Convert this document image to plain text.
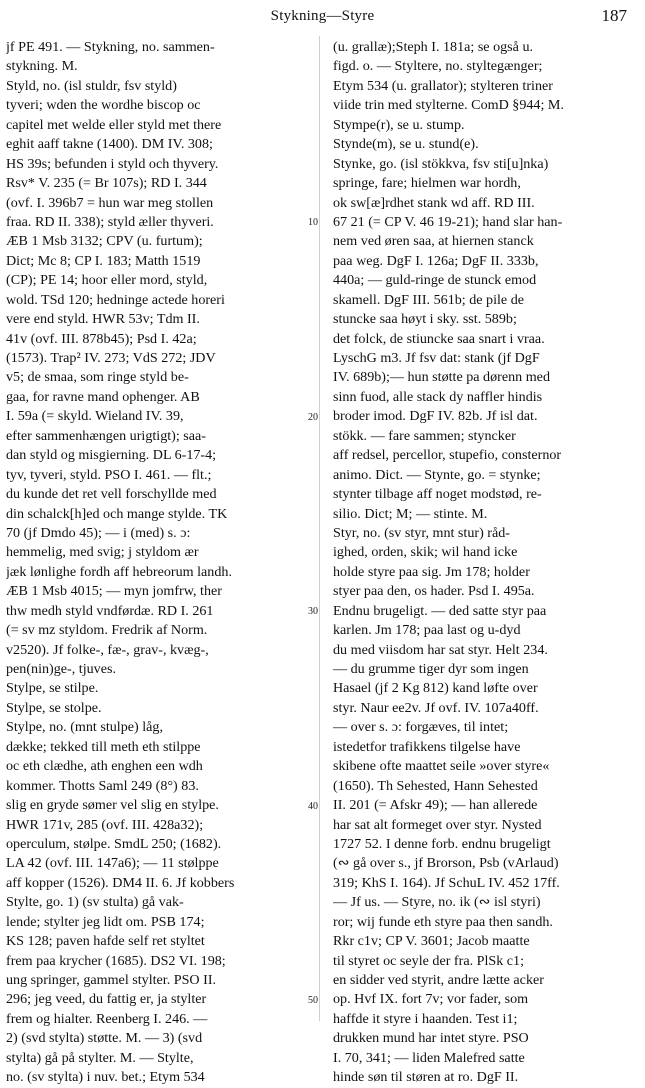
Stykning—Styre	187
jf PE 491. — Stykning, no. sammen-
stykning. M.
Styld, no. (isl stuldr, fsv styld)
tyveri; wden the wordhe biscop oc
capitel met welde eller styld met there
eghit aaff takne (1400). DM IV. 308;
HS 39s; befunden i styld och thyvery.
Rsv* V. 235 (= Br 107s); RD I. 344
(ovf. I. 396b7 = hun war meg stollen
fraa. RD II. 338); styld æller thyveri.
ÆB 1 Msb 3132; CPV (u. furtum);
Dict; Mc 8; CP I. 183; Matth 1519
(CP); PE 14; hoor eller mord, styld,
wold. TSd 120; hedninge actede horeri
vere end styld. HWR 53v; Tdm II.
41v (ovf. III. 878b45); Psd I. 42a;
(1573). Trap² IV. 273; VdS 272; JDV
v5; de smaa, som ringe styld be-
gaa, for ravne mand ophenger. AB
I. 59a (= skyld. Wieland IV. 39,
efter sammenhængen urigtigt); saa-
dan styld og misgierning. DL 6-17-4;
tyv, tyveri, styld. PSO I. 461. — flt.;
du kunde det ret vell forschyllde med
din schalck[h]ed och mange stylde. TK
70 (jf Dmdo 45); — i (med) s. ɔ:
hemmelig, med svig; j styldom ær
jæk lønlighe fordh aff hebreorum landh.
ÆB 1 Msb 4015; — myn jomfrw, ther
thw medh styld vndførdæ. RD I. 261
(= sv mz styldom. Fredrik af Norm.
v2520). Jf folke-, fæ-, grav-, kvæg-,
pen(nin)ge-, tjuves.
Stylpe, se stilpe.
Stylpe, se stolpe.
Stylpe, no. (mnt stulpe) låg,
dække; tekked till meth eth stilppe
oc eth clædhe, ath enghen een wdh
kommer. Thotts Saml 249 (8°) 83.
slig en gryde sømer vel slig en stylpe.
HWR 171v, 285 (ovf. III. 428a32);
operculum, stølpe. SmdL 250; (1682).
LA 42 (ovf. III. 147a6); — 11 stølppe
aff kopper (1526). DM4 II. 6. Jf kobbers
Stylte, go. 1) (sv stulta) gå vak-
lende; stylter jeg lidt om. PSB 174;
KS 128; paven hafde self ret styltet
frem paa krycher (1685). DS2 VI. 198;
ung springer, gammel stylter. PSO II.
296; jeg veed, du fattig er, ja stylter
frem og hialter. Reenberg I. 246. —
2) (svd stylta) støtte. M. — 3) (svd
stylta) gå på stylter. M. — Stylte,
no. (sv stylta) i nuv. bet.; Etym 534
10
20
30
40
50
(u. grallæ);Steph I. 181a; se også u.
figd. o. — Styltere, no. styltegænger;
Etym 534 (u. grallator); stylteren triner
viide trin med stylterne. ComD §944; M.
Stympe(r), se u. stump.
Stynde(m), se u. stund(e).
Stynke, go. (isl stökkva, fsv sti[u]nka)
springe, fare; hielmen war hordh,
ok sw[æ]rdhet stank wd aff. RD III.
67 21 (= CP V. 46 19-21); hand slar han-
nem ved øren saa, at hiernen stanck
paa weg. DgF I. 126a; DgF II. 333b,
440a; — guld-ringe de stunck emod
skamell. DgF III. 561b; de pile de
stuncke saa høyt i sky. sst. 589b;
det folck, de stiuncke saa snart i vraa.
LyschG m3. Jf fsv dat: stank (jf DgF
IV. 689b);— hun støtte pa dørenn med
sinn fuod, alle stack dy naffler hindis
broder imod. DgF IV. 82b. Jf isl dat.
stökk. — fare sammen; styncker
aff redsel, percellor, stupefio, consternor
animo. Dict. — Stynte, go. = stynke;
stynter tilbage aff noget modstød, re-
silio. Dict; M; — stinte. M.
Styr, no. (sv styr, mnt stur) råd-
ighed, orden, skik; wil hand icke
holde styre paa sig. Jm 178; holder
styer paa den, os hader. Psd I. 495a.
Endnu brugeligt. — ded satte styr paa
karlen. Jm 178; paa last og u-dyd
du med viisdom har sat styr. Helt 234.
— du grumme tiger dyr som ingen
Hasael (jf 2 Kg 812) kand løfte over
styr. Naur ee2v. Jf ovf. IV. 107a40ff.
— over s. ɔ: forgæves, til intet;
istedetfor trafikkens tilgelse have
skibene ofte maattet seile »over styre«
(1650). Th Sehested, Hann Sehested
II. 201 (= Afskr 49); — han allerede
har sat alt formeget over styr. Nysted
1727 52. I denne forb. endnu brugeligt
(∾ gå over s., jf Brorson, Psb (vArlaud)
319; KhS I. 164). Jf SchuL IV. 452 17ff.
— Jf us. — Styre, no. ik (∾ isl styri)
ror; wij funde eth styre paa then sandh.
Rkr c1v; CP V. 3601; Jacob maatte
til styret oc seyle der fra. PlSk c1;
en sidder ved styrit, andre lætte acker
op. Hvf IX. fort 7v; vor fader, som
haffde it styre i haanden. Test i1;
drukken mund har intet styre. PSO
I. 70, 341; — liden Malefred satte
hinde søn til støren at ro. DgF II.
